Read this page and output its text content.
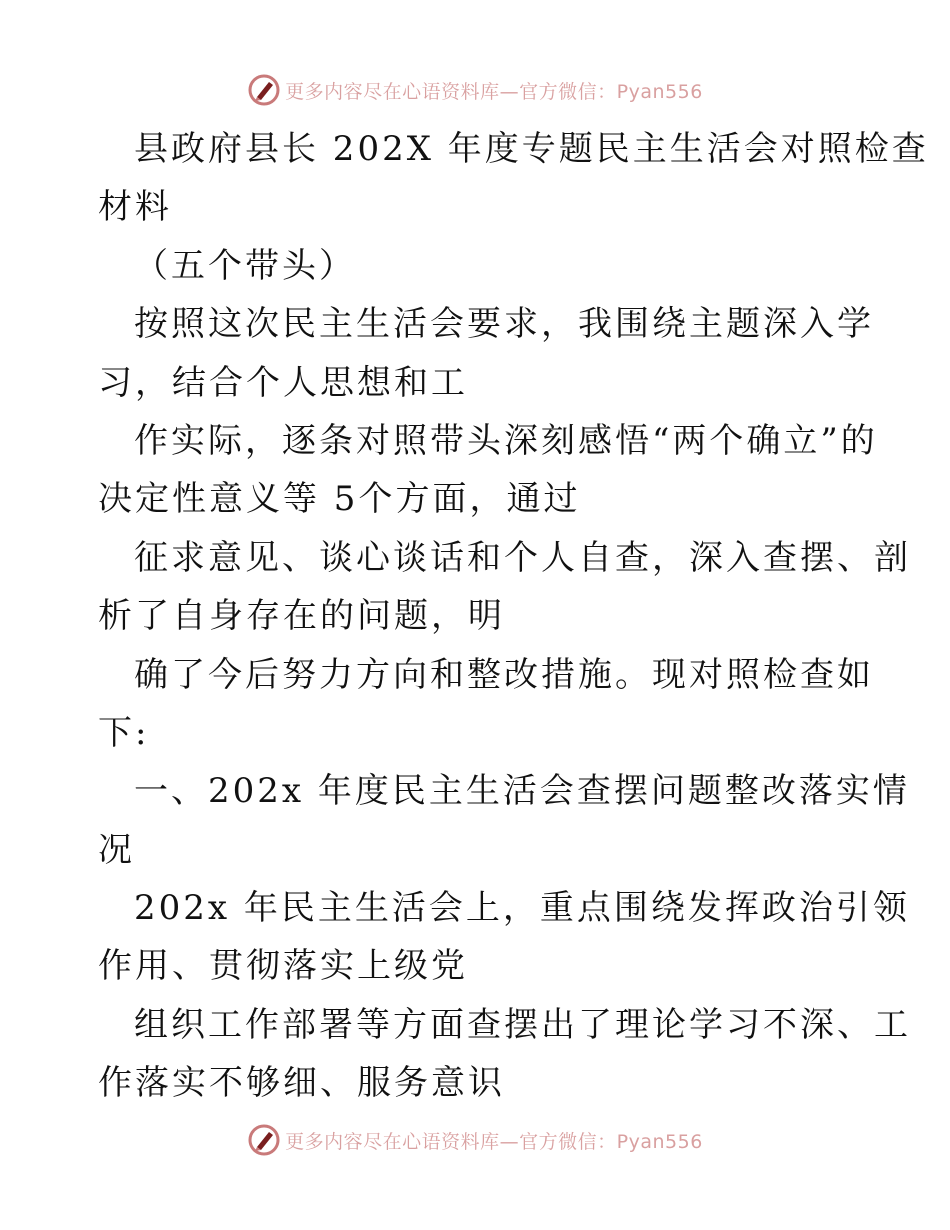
更多内容尽在心语资料库—官方微信：Pyan556
县政府县长 202X 年度专题民主生活会对照检查
材料
（五个带头）
按照这次民主生活会要求，我围绕主题深入学
习，结合个人思想和工
作实际，逐条对照带头深刻感悟“两个确立”的
决定性意义等 5个方面，通过
征求意见、谈心谈话和个人自查，深入查摆、剖
析了自身存在的问题，明
确了今后努力方向和整改措施。现对照检查如
下:
一、202x 年度民主生活会查摆问题整改落实情
况
202x 年民主生活会上，重点围绕发挥政治引领
作用、贯彻落实上级党
组织工作部署等方面查摆出了理论学习不深、工
作落实不够细、服务意识
更多内容尽在心语资料库—官方微信：Pyan556
